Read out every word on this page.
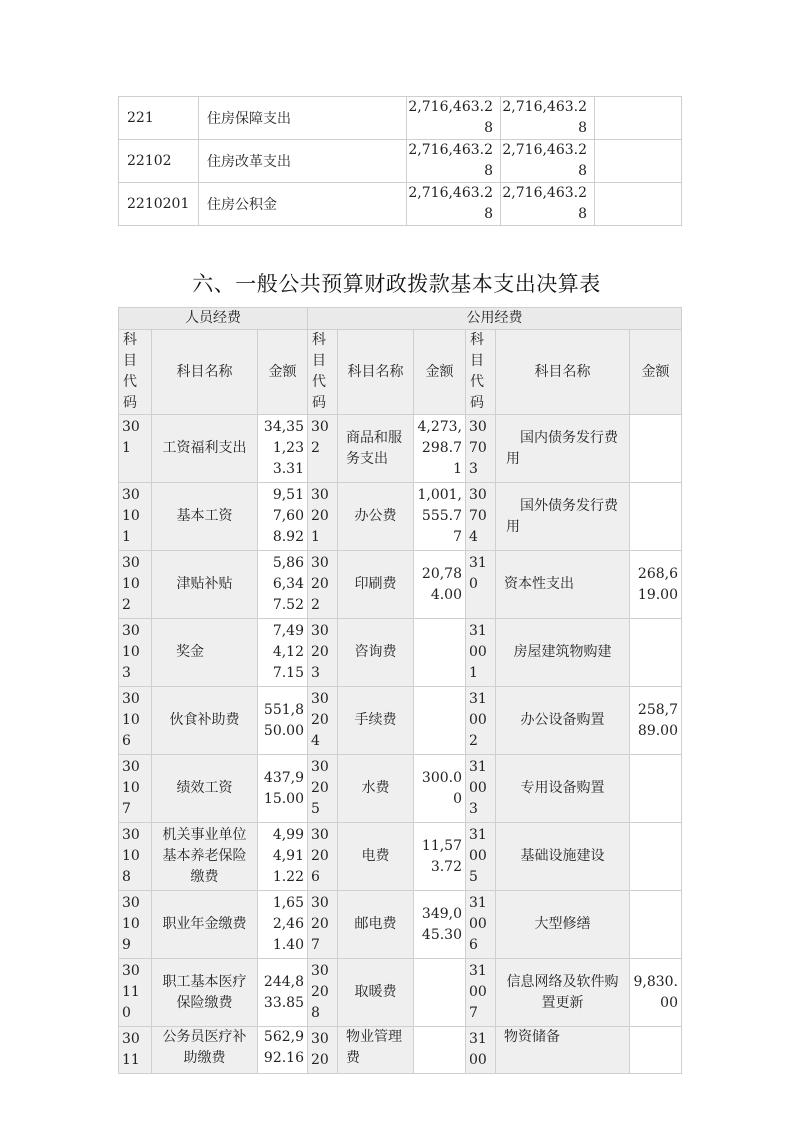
221	住房保障支出	2,716,463.28	2,716,463.28	
22102	住房改革支出	2,716,463.28	2,716,463.28	
2210201	住房公积金	2,716,463.28	2,716,463.28	
六、一般公共预算财政拨款基本支出决算表
人员经费			公用经费					
科目代码	科目名称	金额	科目代码	科目名称	金额	科目代码	科目名称	金额
301	工资福利支出	34,351,233.31	302	商品和服务支出	4,273,298.71	30703	国内债务发行费用	
30101	基本工资	9,517,608.92	30201	办公费	1,001,555.77	30704	国外债务发行费用	
30102	津贴补贴	5,866,347.52	30202	印刷费	20,784.00	310	资本性支出	268,619.00
30103	奖金	7,494,127.15	30203	咨询费		31001	房屋建筑物购建	
30106	伙食补助费	551,850.00	30204	手续费		31002	办公设备购置	258,789.00
30107	绩效工资	437,915.00	30205	水费	300.00	31003	专用设备购置	
30108	机关事业单位基本养老保险缴费	4,994,911.22	30206	电费	11,573.72	31005	基础设施建设	
30109	职业年金缴费	1,652,461.40	30207	邮电费	349,045.30	31006	大型修缮	
30110	职工基本医疗保险缴费	244,833.85	30208	取暖费		31007	信息网络及软件购置更新	9,830.00
3011	公务员医疗补助缴费	562,992.16	3020	物业管理费		3100	物资储备	
